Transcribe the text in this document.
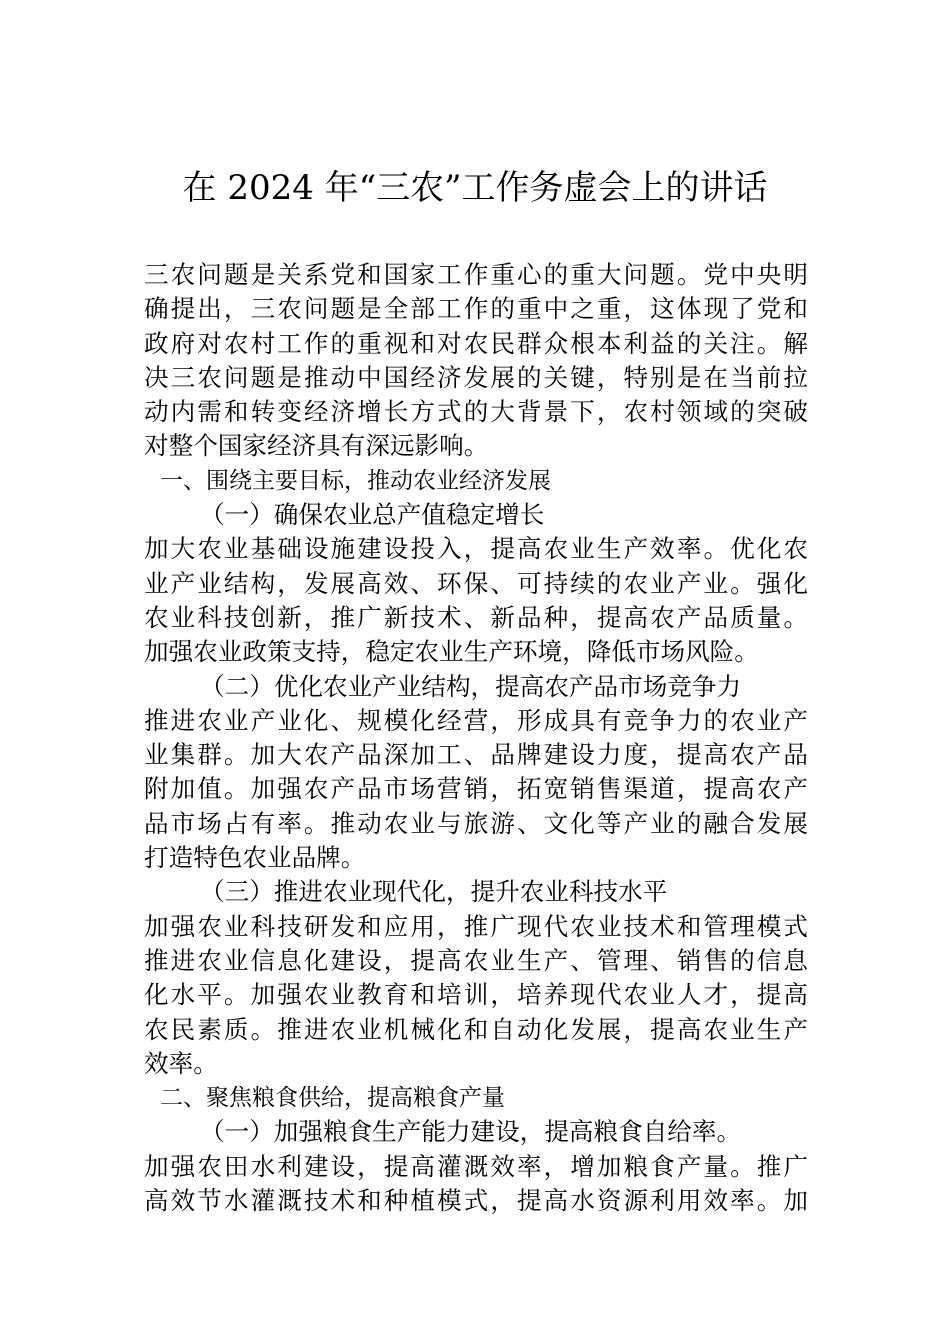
在 2024 年“三农”工作务虚会上的讲话
三农问题是关系党和国家工作重心的重大问题。党中央明
确提出，三农问题是全部工作的重中之重，这体现了党和
政府对农村工作的重视和对农民群众根本利益的关注。解
决三农问题是推动中国经济发展的关键，特别是在当前拉
动内需和转变经济增长方式的大背景下，农村领域的突破
对整个国家经济具有深远影响。
一、围绕主要目标，推动农业经济发展
（一）确保农业总产值稳定增长
加大农业基础设施建设投入，提高农业生产效率。优化农
业产业结构，发展高效、环保、可持续的农业产业。强化
农业科技创新，推广新技术、新品种，提高农产品质量。
加强农业政策支持，稳定农业生产环境，降低市场风险。
（二）优化农业产业结构，提高农产品市场竞争力
推进农业产业化、规模化经营，形成具有竞争力的农业产
业集群。加大农产品深加工、品牌建设力度，提高农产品
附加值。加强农产品市场营销，拓宽销售渠道，提高农产
品市场占有率。推动农业与旅游、文化等产业的融合发展
打造特色农业品牌。
（三）推进农业现代化，提升农业科技水平
加强农业科技研发和应用，推广现代农业技术和管理模式
推进农业信息化建设，提高农业生产、管理、销售的信息
化水平。加强农业教育和培训，培养现代农业人才，提高
农民素质。推进农业机械化和自动化发展，提高农业生产
效率。
二、聚焦粮食供给，提高粮食产量
（一）加强粮食生产能力建设，提高粮食自给率。
加强农田水利建设，提高灌溉效率，增加粮食产量。推广
高效节水灌溉技术和种植模式，提高水资源利用效率。加
